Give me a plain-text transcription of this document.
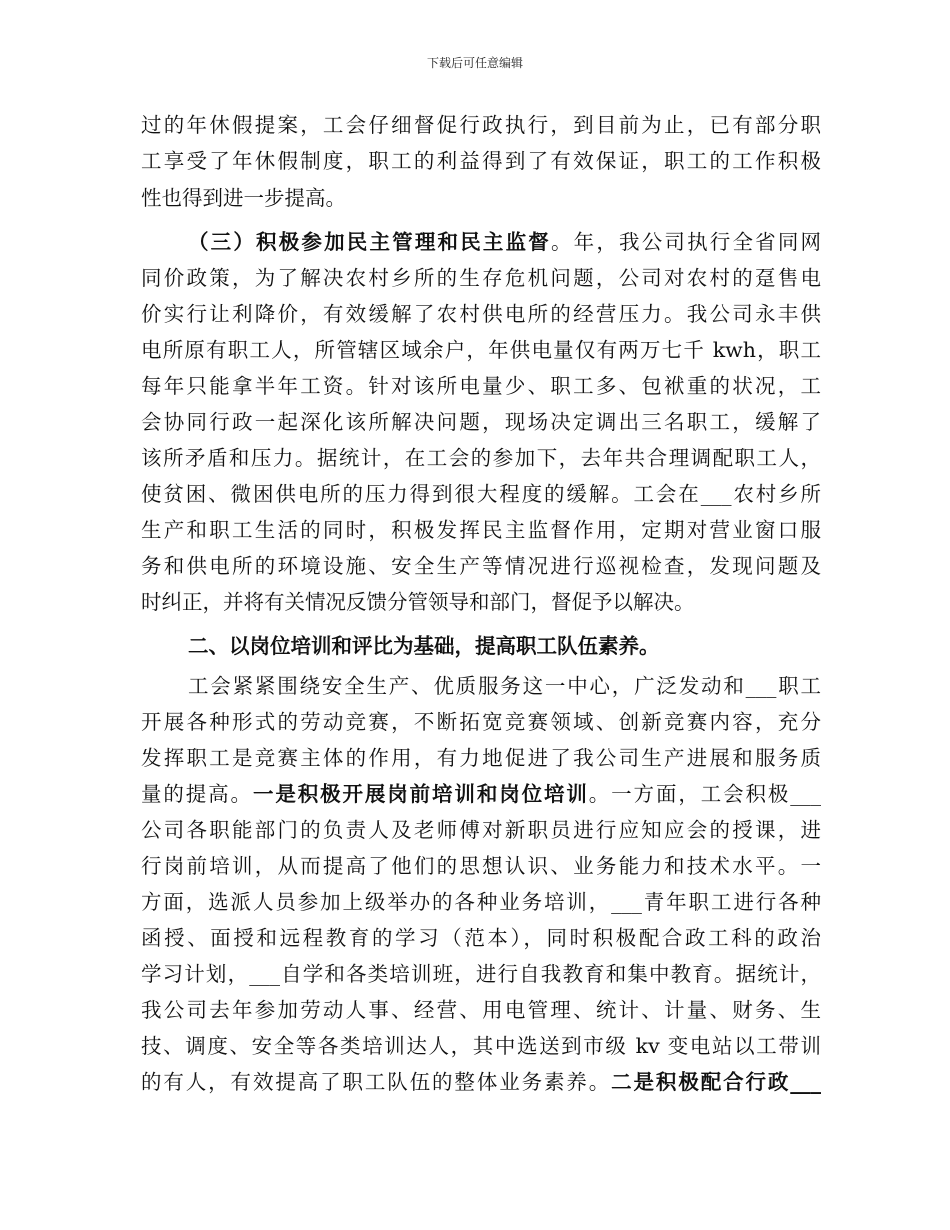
下载后可任意编辑
过的年休假提案，工会仔细督促行政执行，到目前为止，已有部分职
工享受了年休假制度，职工的利益得到了有效保证，职工的工作积极
性也得到进一步提高。
（三）积极参加民主管理和民主监督。年，我公司执行全省同网
同价政策，为了解决农村乡所的生存危机问题，公司对农村的趸售电
价实行让利降价，有效缓解了农村供电所的经营压力。我公司永丰供
电所原有职工人，所管辖区域余户，年供电量仅有两万七千 kwh，职工
每年只能拿半年工资。针对该所电量少、职工多、包袱重的状况，工
会协同行政一起深化该所解决问题，现场决定调出三名职工，缓解了
该所矛盾和压力。据统计，在工会的参加下，去年共合理调配职工人，
使贫困、微困供电所的压力得到很大程度的缓解。工会在___农村乡所
生产和职工生活的同时，积极发挥民主监督作用，定期对营业窗口服
务和供电所的环境设施、安全生产等情况进行巡视检查，发现问题及
时纠正，并将有关情况反馈分管领导和部门，督促予以解决。
二、以岗位培训和评比为基础，提高职工队伍素养。
工会紧紧围绕安全生产、优质服务这一中心，广泛发动和___职工
开展各种形式的劳动竞赛，不断拓宽竞赛领域、创新竞赛内容，充分
发挥职工是竞赛主体的作用，有力地促进了我公司生产进展和服务质
量的提高。一是积极开展岗前培训和岗位培训。一方面，工会积极___
公司各职能部门的负责人及老师傅对新职员进行应知应会的授课，进
行岗前培训，从而提高了他们的思想认识、业务能力和技术水平。一
方面，选派人员参加上级举办的各种业务培训，___青年职工进行各种
函授、面授和远程教育的学习（范本），同时积极配合政工科的政治
学习计划，___自学和各类培训班，进行自我教育和集中教育。据统计，
我公司去年参加劳动人事、经营、用电管理、统计、计量、财务、生
技、调度、安全等各类培训达人，其中选送到市级 kv 变电站以工带训
的有人，有效提高了职工队伍的整体业务素养。二是积极配合行政___
